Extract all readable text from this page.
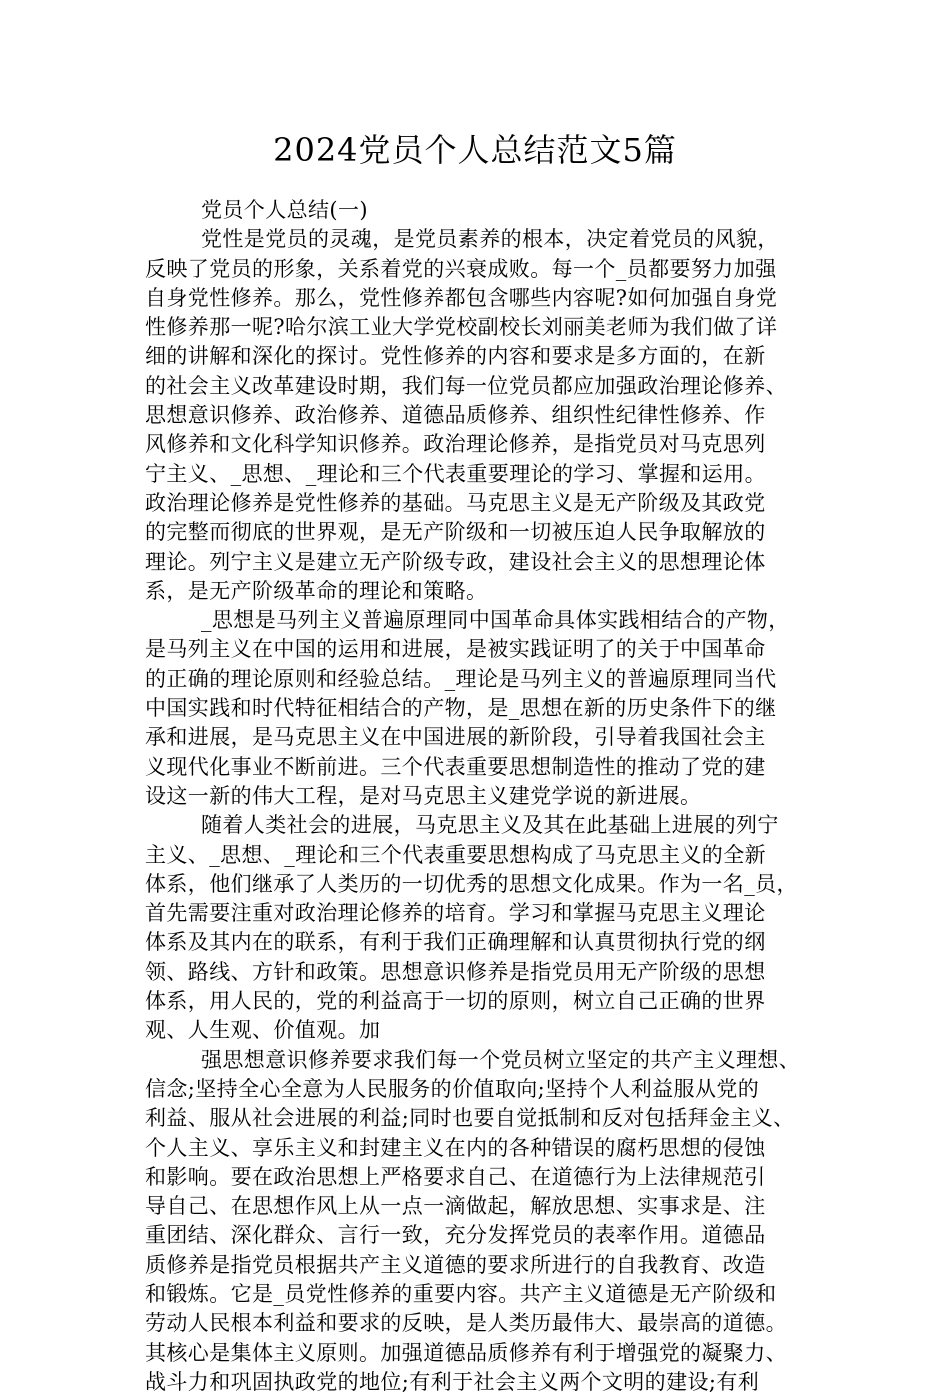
2024党员个人总结范文5篇
党员个人总结(一)
党性是党员的灵魂，是党员素养的根本，决定着党员的风貌，
反映了党员的形象，关系着党的兴衰成败。每一个_员都要努力加强
自身党性修养。那么，党性修养都包含哪些内容呢?如何加强自身党
性修养那一呢?哈尔滨工业大学党校副校长刘丽美老师为我们做了详
细的讲解和深化的探讨。党性修养的内容和要求是多方面的，在新
的社会主义改革建设时期，我们每一位党员都应加强政治理论修养、
思想意识修养、政治修养、道德品质修养、组织性纪律性修养、作
风修养和文化科学知识修养。政治理论修养，是指党员对马克思列
宁主义、_思想、_理论和三个代表重要理论的学习、掌握和运用。
政治理论修养是党性修养的基础。马克思主义是无产阶级及其政党
的完整而彻底的世界观，是无产阶级和一切被压迫人民争取解放的
理论。列宁主义是建立无产阶级专政，建设社会主义的思想理论体
系，是无产阶级革命的理论和策略。
_思想是马列主义普遍原理同中国革命具体实践相结合的产物，
是马列主义在中国的运用和进展，是被实践证明了的关于中国革命
的正确的理论原则和经验总结。_理论是马列主义的普遍原理同当代
中国实践和时代特征相结合的产物，是_思想在新的历史条件下的继
承和进展，是马克思主义在中国进展的新阶段，引导着我国社会主
义现代化事业不断前进。三个代表重要思想制造性的推动了党的建
设这一新的伟大工程，是对马克思主义建党学说的新进展。
随着人类社会的进展，马克思主义及其在此基础上进展的列宁
主义、_思想、_理论和三个代表重要思想构成了马克思主义的全新
体系，他们继承了人类历的一切优秀的思想文化成果。作为一名_员，
首先需要注重对政治理论修养的培育。学习和掌握马克思主义理论
体系及其内在的联系，有利于我们正确理解和认真贯彻执行党的纲
领、路线、方针和政策。思想意识修养是指党员用无产阶级的思想
体系，用人民的，党的利益高于一切的原则，树立自己正确的世界
观、人生观、价值观。加
强思想意识修养要求我们每一个党员树立坚定的共产主义理想、
信念;坚持全心全意为人民服务的价值取向;坚持个人利益服从党的
利益、服从社会进展的利益;同时也要自觉抵制和反对包括拜金主义、
个人主义、享乐主义和封建主义在内的各种错误的腐朽思想的侵蚀
和影响。要在政治思想上严格要求自己、在道德行为上法律规范引
导自己、在思想作风上从一点一滴做起，解放思想、实事求是、注
重团结、深化群众、言行一致，充分发挥党员的表率作用。道德品
质修养是指党员根据共产主义道德的要求所进行的自我教育、改造
和锻炼。它是_员党性修养的重要内容。共产主义道德是无产阶级和
劳动人民根本利益和要求的反映，是人类历最伟大、最崇高的道德。
其核心是集体主义原则。加强道德品质修养有利于增强党的凝聚力、
战斗力和巩固执政党的地位;有利于社会主义两个文明的建设;有利
